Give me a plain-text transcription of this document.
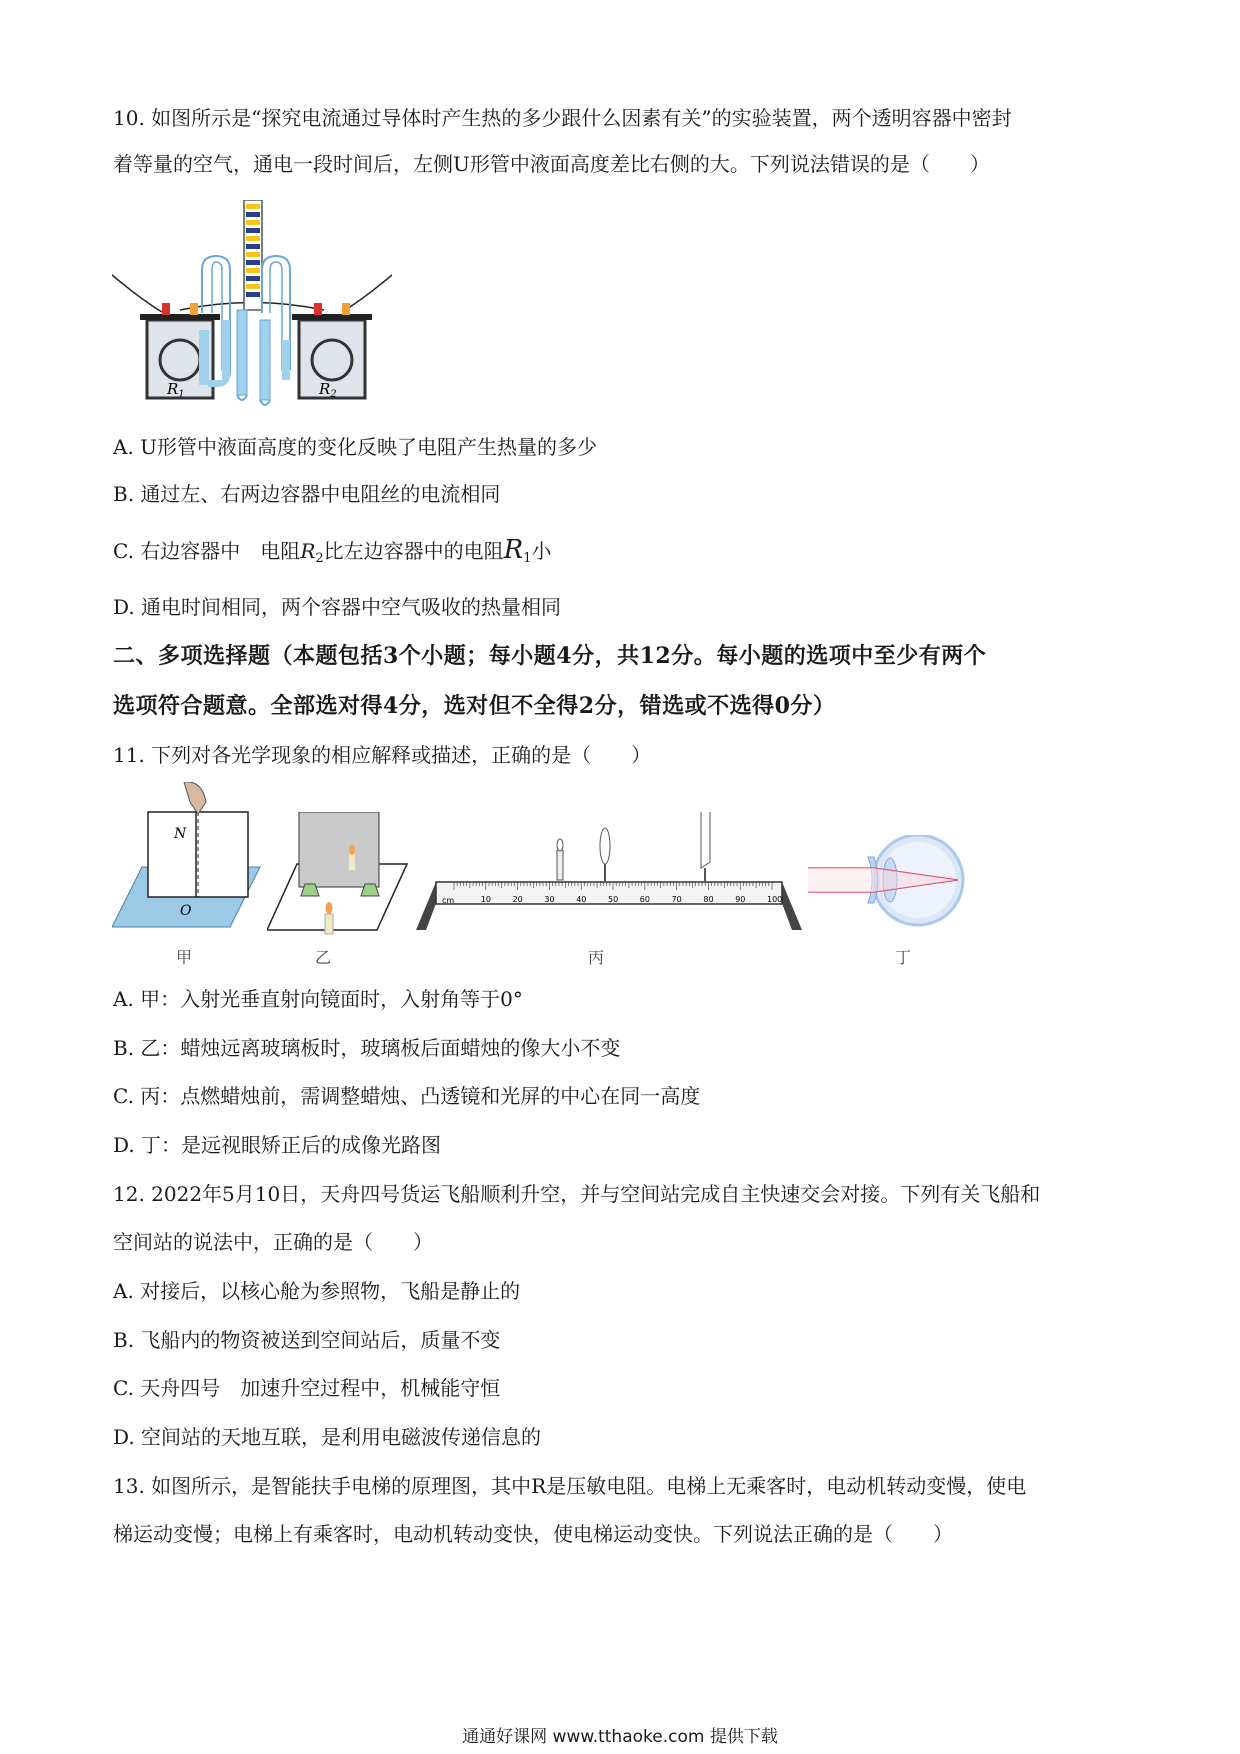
10. 如图所示是“探究电流通过导体时产生热的多少跟什么因素有关”的实验装置，两个透明容器中密封
着等量的空气，通电一段时间后，左侧U形管中液面高度差比右侧的大。下列说法错误的是（　　）
$R_1$	$R_2$
A. U形管中液面高度的变化反映了电阻产生热量的多少
B. 通过左、右两边容器中电阻丝的电流相同
C. 右边容器中　电阻$R_2$比左边容器中的电阻$R_1$小
D. 通电时间相同，两个容器中空气吸收的热量相同
二、多项选择题（本题包括3个小题；每小题4分，共12分。每小题的选项中至少有两个
选项符合题意。全部选对得4分，选对但不全得2分，错选或不选得0分）
11. 下列对各光学现象的相应解释或描述，正确的是（　　）
N
O
甲	乙
cm	10	20	30	40	50	60	70	80	90	100
丙	丁
A. 甲：入射光垂直射向镜面时，入射角等于0°
B. 乙：蜡烛远离玻璃板时，玻璃板后面蜡烛的像大小不变
C. 丙：点燃蜡烛前，需调整蜡烛、凸透镜和光屏的中心在同一高度
D. 丁：是远视眼矫正后的成像光路图
12. 2022年5月10日，天舟四号货运飞船顺利升空，并与空间站完成自主快速交会对接。下列有关飞船和
空间站的说法中，正确的是（　　）
A. 对接后，以核心舱为参照物，飞船是静止的
B. 飞船内的物资被送到空间站后，质量不变
C. 天舟四号　加速升空过程中，机械能守恒
D. 空间站的天地互联，是利用电磁波传递信息的
13. 如图所示，是智能扶手电梯的原理图，其中R是压敏电阻。电梯上无乘客时，电动机转动变慢，使电
梯运动变慢；电梯上有乘客时，电动机转动变快，使电梯运动变快。下列说法正确的是（　　）
通通好课网 www.tthaoke.com 提供下载
